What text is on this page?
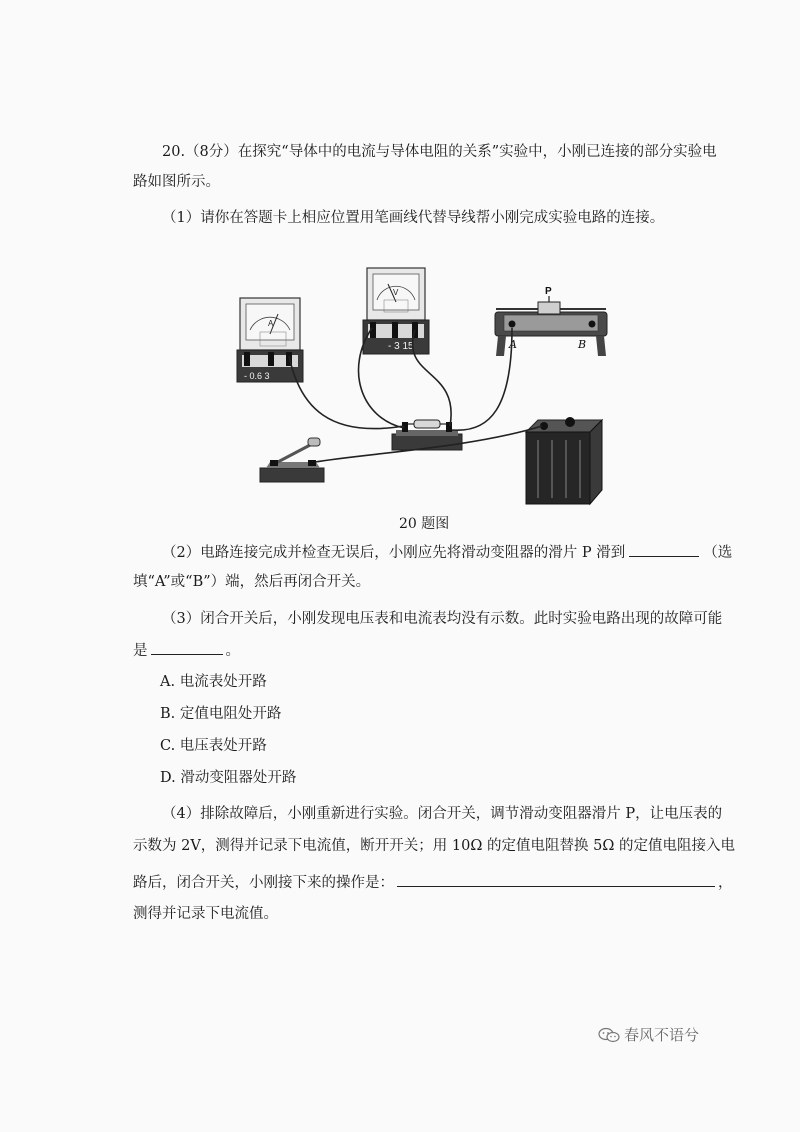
20.（8分）在探究“导体中的电流与导体电阻的关系”实验中，小刚已连接的部分实验电
路如图所示。
（1）请你在答题卡上相应位置用笔画线代替导线帮小刚完成实验电路的连接。
A
- 0.6 3
V
- 3 15
P
A	B
20 题图
（2）电路连接完成并检查无误后，小刚应先将滑动变阻器的滑片 P 滑到	（选
填“A”或“B”）端，然后再闭合开关。
（3）闭合开关后，小刚发现电压表和电流表均没有示数。此时实验电路出现的故障可能
是	。
A. 电流表处开路
B. 定值电阻处开路
C. 电压表处开路
D. 滑动变阻器处开路
（4）排除故障后，小刚重新进行实验。闭合开关，调节滑动变阻器滑片 P，让电压表的
示数为 2V，测得并记录下电流值，断开开关；用 10Ω 的定值电阻替换 5Ω 的定值电阻接入电
路后，闭合开关，小刚接下来的操作是：	，
测得并记录下电流值。
春风不语兮
